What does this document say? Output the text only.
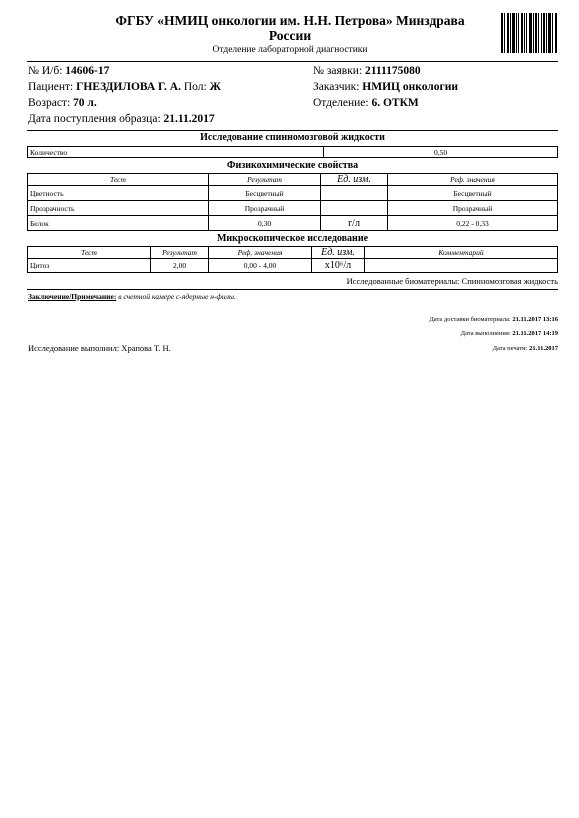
ФГБУ «НМИЦ онкологии им. Н.Н. Петрова» Минздрава
России
Отделение лабораторной диагностики
№ И/б: 14606-17
Пациент: ГНЕЗДИЛОВА Г. А. Пол: Ж
Возраст: 70 л.
Дата поступления образца: 21.11.2017
№ заявки: 2111175080
Заказчик: НМИЦ онкологии
Отделение: 6. ОТКМ
Исследование спинномозговой жидкости
Количество	0,50
Физикохимические свойства
Тест	Результат	Ед. изм.	Реф. значения
Цветность	Бесцветный		Бесцветный
Прозрачность	Прозрачный		Прозрачный
Белок	0,30	г/л	0,22 - 0,33
Микроскопическое исследование
Тест	Результат	Реф. значения	Ед. изм.	Комментарий
Цитоз	2,00	0,00 - 4,00	х10⁶/л	
Исследованные биоматериалы: Спинномозговая жидкость
Заключение/Примечание: в счетной камере с-ядерные н-филы.
Дата доставки биоматериала: 21.11.2017 13:16
Дата выполнения: 21.11.2017 14:19
Исследование выполнил: Храпова Т. Н.	Дата печати: 21.11.2017
